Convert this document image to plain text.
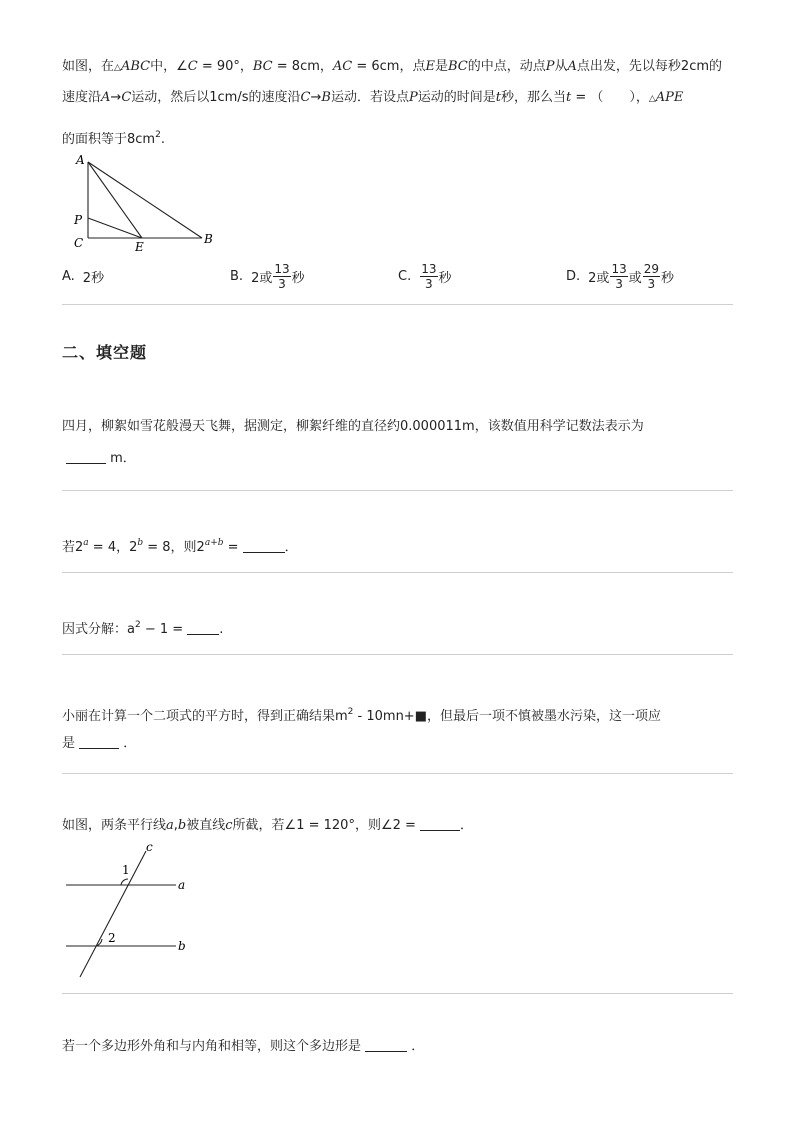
如图，在△ABC中，∠C = 90°，BC = 8cm，AC = 6cm，点E是BC的中点，动点P从A点出发，先以每秒2cm的
速度沿A→C运动，然后以1cm/s的速度沿C→B运动．若设点P运动的时间是t秒，那么当t = （　　），△APE
的面积等于$8cm^2$.
A
P
C	E
B
A. 2秒	B. 2或 $\frac{13}{3}$ 秒	C. $\frac{13}{3}$ 秒	D. 2或 $\frac{13}{3}$ 或 $\frac{29}{3}$ 秒
二、填空题
四月，柳絮如雪花般漫天飞舞，据测定，柳絮纤维的直径约0.000011m，该数值用科学记数法表示为
m．
若$2^a = 4$，$2^b = 8$，则$2^{a+b}$ =	．
因式分解：$a^2 - 1$ = .
小丽在计算一个二项式的平方时，得到正确结果$m^2$ - 10mn+■，但最后一项不慎被墨水污染，这一项应
是	．
如图，两条平行线a,b被直线c所截，若∠1 = 120°，则∠2 =	．
c
a
b
1
2
若一个多边形外角和与内角和相等，则这个多边形是	．
